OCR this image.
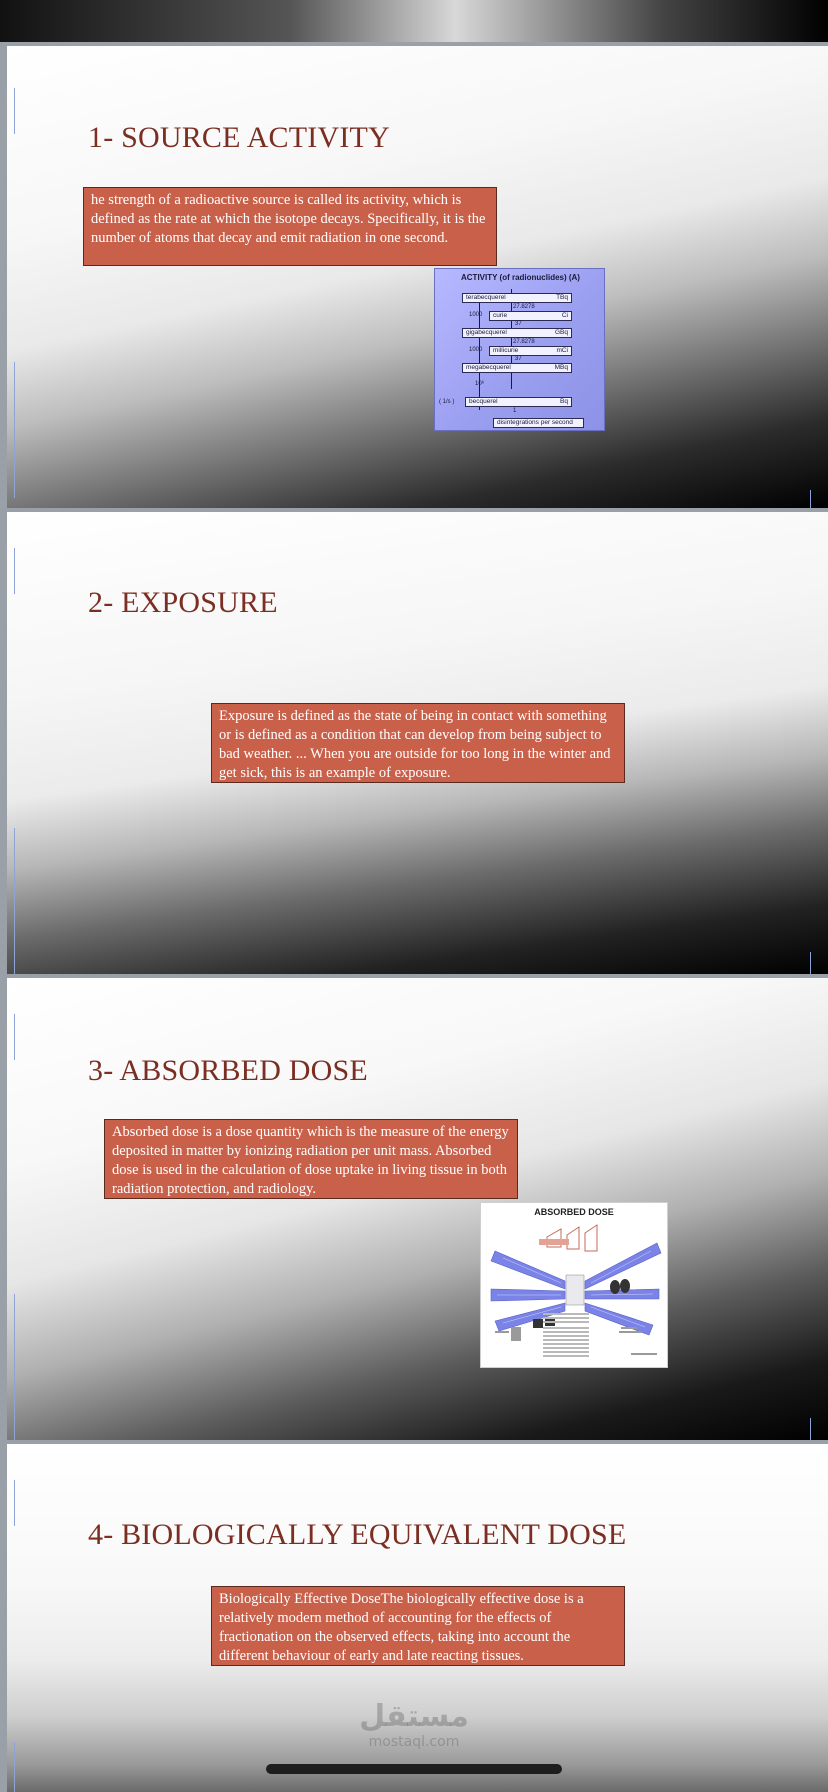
1- SOURCE ACTIVITY
he strength of a radioactive source is called its activity, which is defined as the rate at which the isotope decays. Specifically, it is the number of atoms that decay and emit radiation in one second.
ACTIVITY (of radionuclides) (A)
terabecquerel	TBq
27.8278
1000 curie	Ci
37
gigabecquerel	GBq
27.8278
1000 millicurie	mCi
37
megabecquerel	MBq
10⁶
( 1/s ) becquerel	Bq
1
disintegrations per second
2- EXPOSURE
Exposure is defined as the state of being in contact with something or is defined as a condition that can develop from being subject to bad weather. ... When you are outside for too long in the winter and get sick, this is an example of exposure.
3- ABSORBED DOSE
Absorbed dose is a dose quantity which is the measure of the energy deposited in matter by ionizing radiation per unit mass. Absorbed dose is used in the calculation of dose uptake in living tissue in both radiation protection, and radiology.
ABSORBED DOSE
4- BIOLOGICALLY EQUIVALENT DOSE
Biologically Effective DoseThe biologically effective dose is a relatively modern method of accounting for the effects of fractionation on the observed effects, taking into account the different behaviour of early and late reacting tissues.
مستقل
mostaql.com
